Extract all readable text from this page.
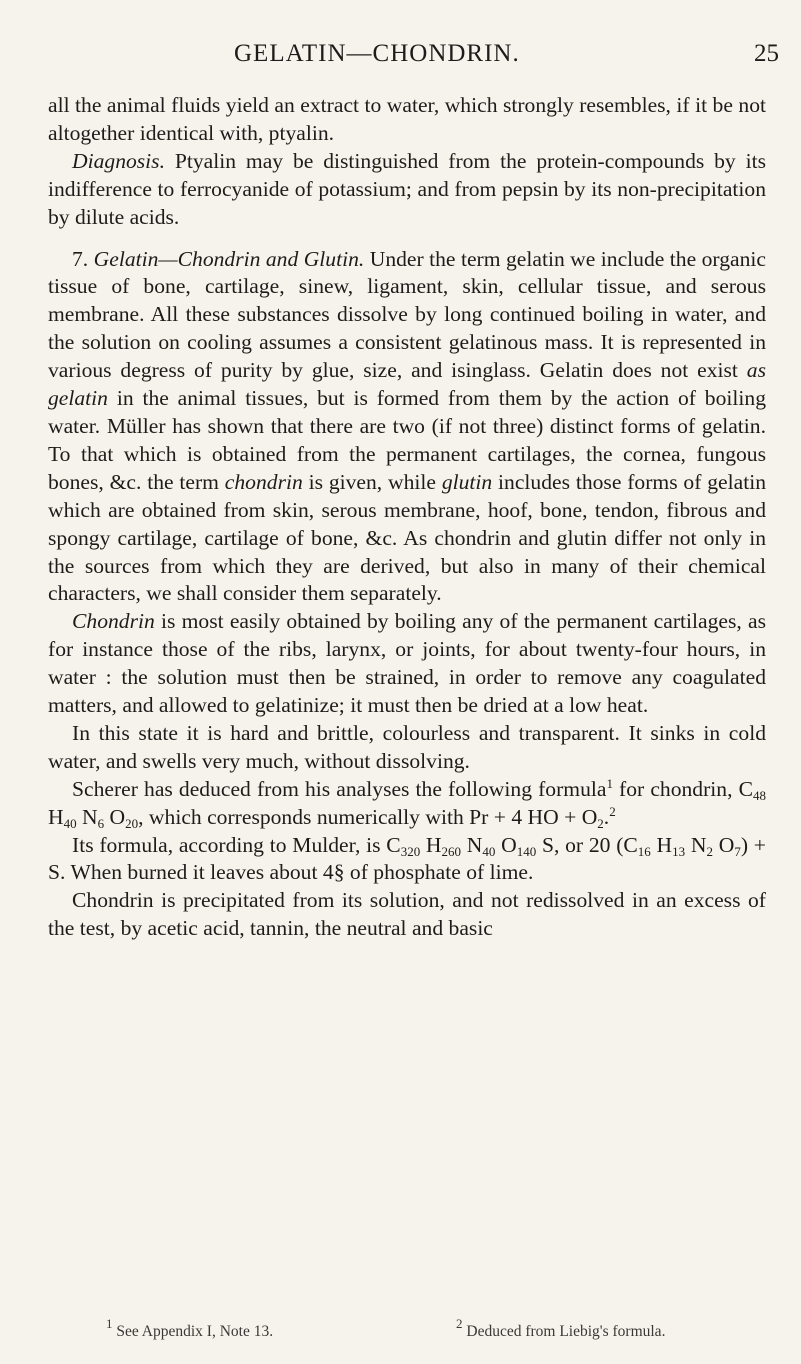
GELATIN—CHONDRIN.	25

all the animal fluids yield an extract to water, which strongly resembles, if it be not altogether identical with, ptyalin.

Diagnosis. Ptyalin may be distinguished from the protein-compounds by its indifference to ferrocyanide of potassium; and from pepsin by its non-precipitation by dilute acids.

7. Gelatin—Chondrin and Glutin. Under the term gelatin we include the organic tissue of bone, cartilage, sinew, ligament, skin, cellular tissue, and serous membrane. All these substances dissolve by long continued boiling in water, and the solution on cooling assumes a consistent gelatinous mass. It is represented in various degress of purity by glue, size, and isinglass. Gelatin does not exist as gelatin in the animal tissues, but is formed from them by the action of boiling water. Müller has shown that there are two (if not three) distinct forms of gelatin. To that which is obtained from the permanent cartilages, the cornea, fungous bones, &c. the term chondrin is given, while glutin includes those forms of gelatin which are obtained from skin, serous membrane, hoof, bone, tendon, fibrous and spongy cartilage, cartilage of bone, &c. As chondrin and glutin differ not only in the sources from which they are derived, but also in many of their chemical characters, we shall consider them separately.

Chondrin is most easily obtained by boiling any of the permanent cartilages, as for instance those of the ribs, larynx, or joints, for about twenty-four hours, in water : the solution must then be strained, in order to remove any coagulated matters, and allowed to gelatinize; it must then be dried at a low heat.

In this state it is hard and brittle, colourless and transparent. It sinks in cold water, and swells very much, without dissolving.

Scherer has deduced from his analyses the following formula$^1$ for chondrin, $C_{48}$ $H_{40}$ $N_6$ $O_{20}$, which corresponds numerically with Pr + 4 HO + $O_2.^2$

Its formula, according to Mulder, is $C_{320}$ $H_{260}$ $N_{40}$ $O_{140}$ S, or 20 ($C_{16}$ $H_{13}$ $N_2$ $O_7) + S$. When burned it leaves about 4§ of phosphate of lime.

Chondrin is precipitated from its solution, and not redissolved in an excess of the test, by acetic acid, tannin, the neutral and basic

$^1$ See Appendix I, Note 13.	$^2$ Deduced from Liebig's formula.
